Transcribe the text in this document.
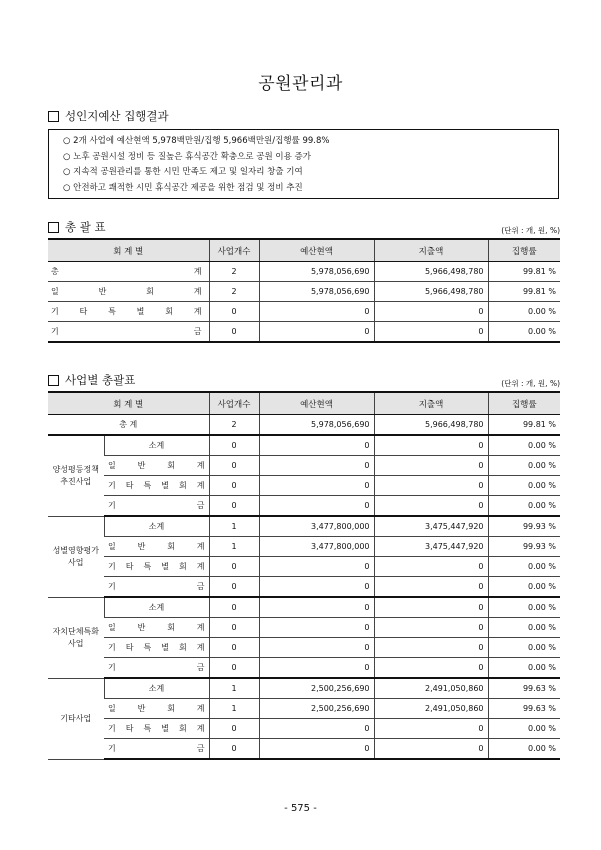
공원관리과
성인지예산 집행결과
○ 2개 사업에 예산현액 5,978백만원/집행 5,966백만원/집행률 99.8%
○ 노후 공원시설 정비 등 질높은 휴식공간 확충으로 공원 이용 증가
○ 지속적 공원관리를 통한 시민 만족도 제고 및 일자리 창출 기여
○ 안전하고 쾌적한 시민 휴식공간 제공을 위한 점검 및 정비 추진
총 괄 표	(단위 : 개, 원, %)
회 계 별	사업개수	예산현액	지출액	집행률
총 계	2	5,978,056,690	5,966,498,780	99.81 %
일 반 회 계	2	5,978,056,690	5,966,498,780	99.81 %
기 타 특 별 회 계	0	0	0	0.00 %
기 금	0	0	0	0.00 %
사업별 총괄표	(단위 : 개, 원, %)
회 계 별		사업개수	예산현액	지출액	집행률
총 계		2	5,978,056,690	5,966,498,780	99.81 %
양성평등정책 추진사업	소계	0	0	0	0.00 %
	일 반 회 계	0	0	0	0.00 %
	기 타 특 별 회 계	0	0	0	0.00 %
	기 금	0	0	0	0.00 %
성별영향평가 사업	소계	1	3,477,800,000	3,475,447,920	99.93 %
	일 반 회 계	1	3,477,800,000	3,475,447,920	99.93 %
	기 타 특 별 회 계	0	0	0	0.00 %
	기 금	0	0	0	0.00 %
자치단체특화 사업	소계	0	0	0	0.00 %
	일 반 회 계	0	0	0	0.00 %
	기 타 특 별 회 계	0	0	0	0.00 %
	기 금	0	0	0	0.00 %
기타사업	소계	1	2,500,256,690	2,491,050,860	99.63 %
	일 반 회 계	1	2,500,256,690	2,491,050,860	99.63 %
	기 타 특 별 회 계	0	0	0	0.00 %
	기 금	0	0	0	0.00 %
- 575 -
